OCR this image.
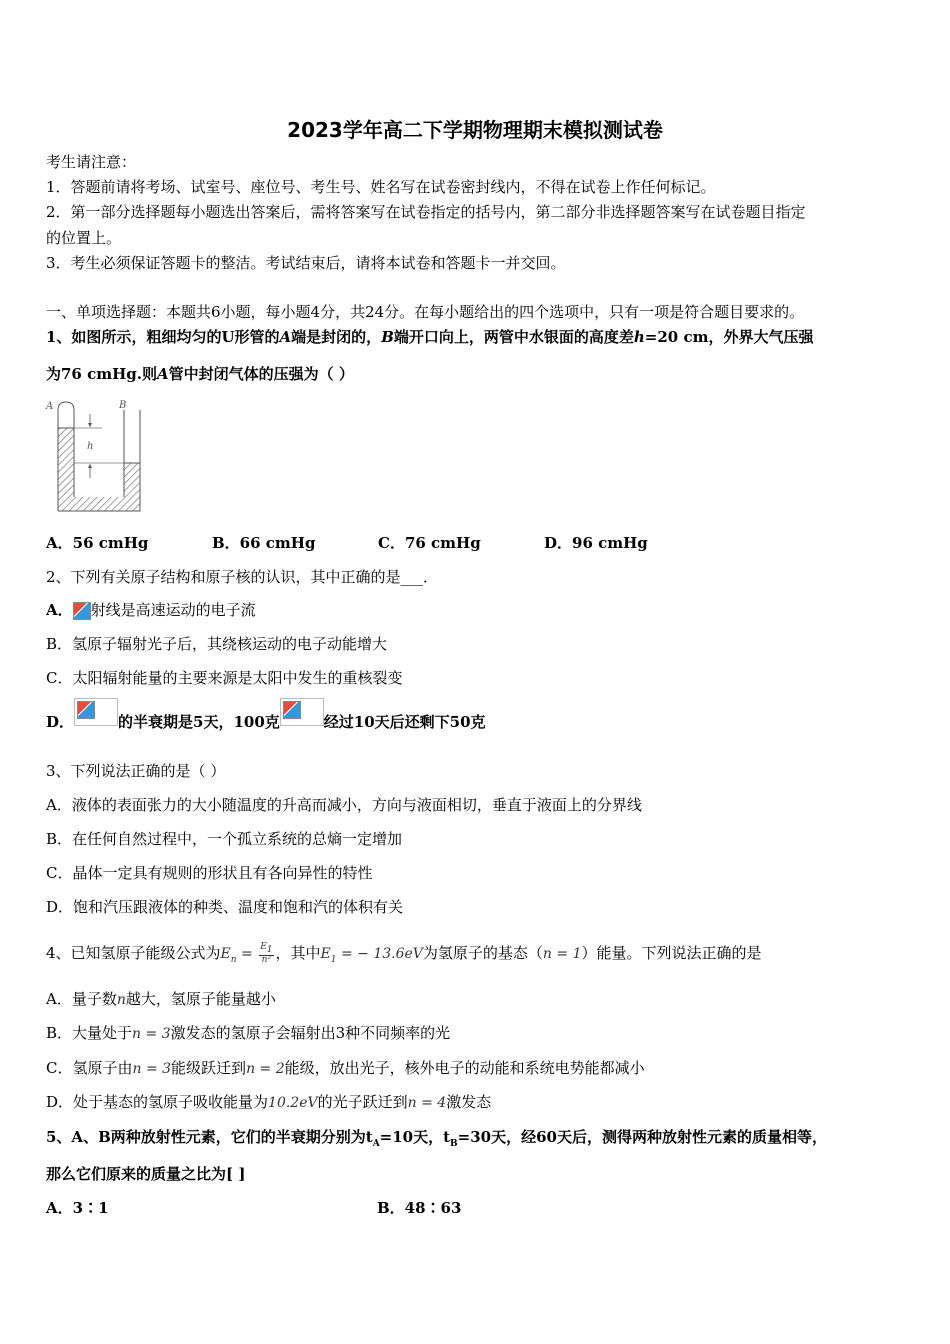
2023学年高二下学期物理期末模拟测试卷
考生请注意：
1．答题前请将考场、试室号、座位号、考生号、姓名写在试卷密封线内，不得在试卷上作任何标记。
2．第一部分选择题每小题选出答案后，需将答案写在试卷指定的括号内，第二部分非选择题答案写在试卷题目指定
的位置上。
3．考生必须保证答题卡的整洁。考试结束后，请将本试卷和答题卡一并交回。
一、单项选择题：本题共6小题，每小题4分，共24分。在每小题给出的四个选项中，只有一项是符合题目要求的。
1、如图所示，粗细均匀的U形管的A端是封闭的，B端开口向上，两管中水银面的高度差h=20 cm，外界大气压强
为76 cmHg.则A管中封闭气体的压强为（ ）
A	B
h
A．56 cmHg	B．66 cmHg	C．76 cmHg	D．96 cmHg
2、下列有关原子结构和原子核的认识，其中正确的是___．
A． 射线是高速运动的电子流
B．氢原子辐射光子后，其绕核运动的电子动能增大
C．太阳辐射能量的主要来源是太阳中发生的重核裂变
D．	的半衰期是5天，100克	经过10天后还剩下50克
3、下列说法正确的是（ ）
A．液体的表面张力的大小随温度的升高而减小，方向与液面相切，垂直于液面上的分界线
B．在任何自然过程中，一个孤立系统的总熵一定增加
C．晶体一定具有规则的形状且有各向异性的特性
D．饱和汽压跟液体的种类、温度和饱和汽的体积有关
4、已知氢原子能级公式为$E_n = \frac{E_1}{\text{n²}}$ ，其中$E_1$ = − 13.6eV为氢原子的基态（n = 1）能量。下列说法正确的是
A．量子数n越大，氢原子能量越小
B．大量处于n = 3激发态的氢原子会辐射出3种不同频率的光
C．氢原子由n = 3能级跃迁到n = 2能级，放出光子，核外电子的动能和系统电势能都减小
D．处于基态的氢原子吸收能量为10.2eV的光子跃迁到n = 4激发态
5、A、B两种放射性元素，它们的半衰期分别为$t_A=10$天，$t_B=30$天，经60天后，测得两种放射性元素的质量相等，
那么它们原来的质量之比为[ ]
A．3∶1	B．48∶63
